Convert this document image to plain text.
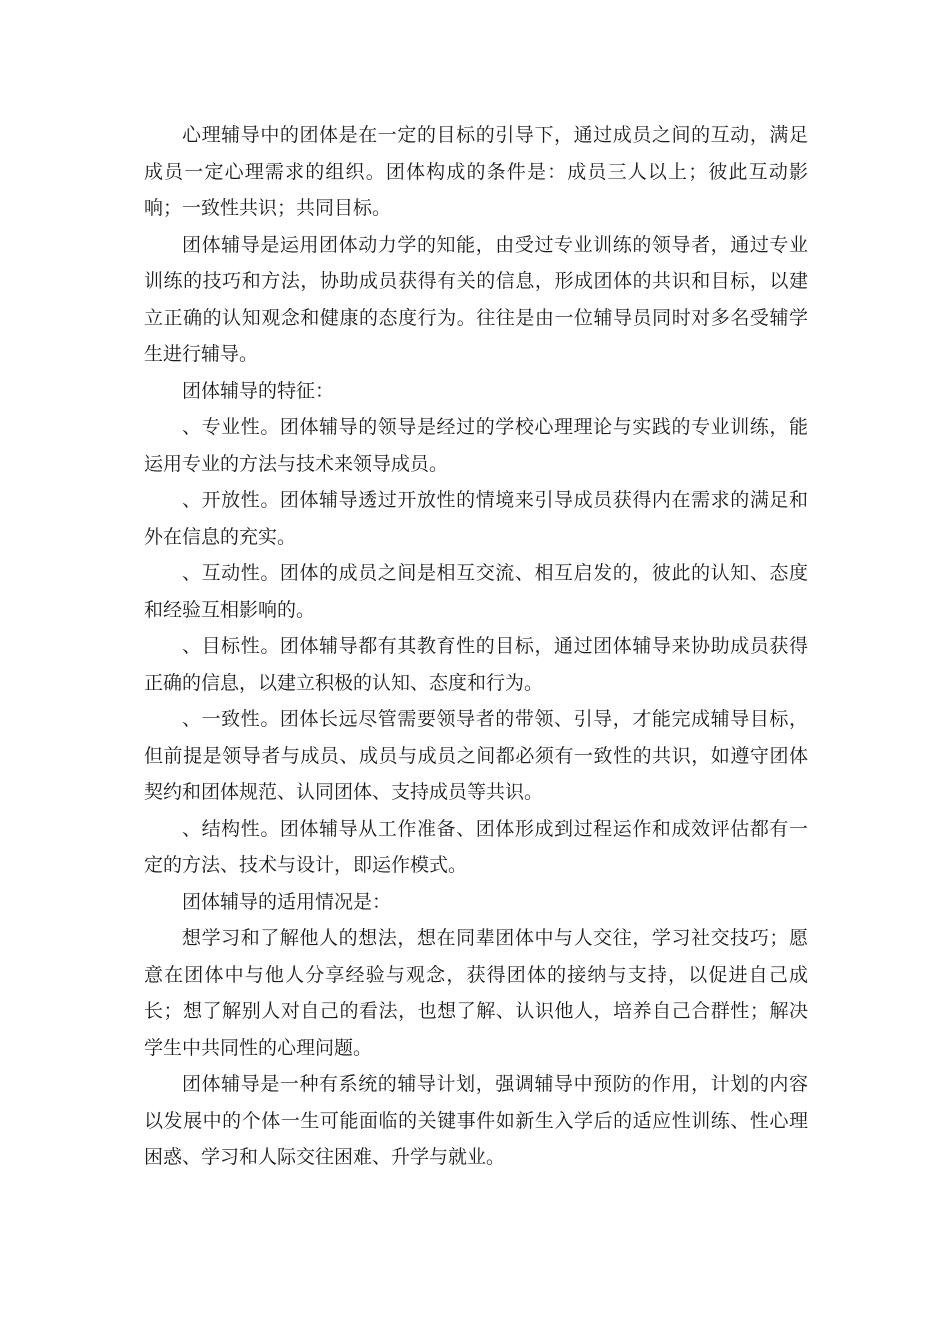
心理辅导中的团体是在一定的目标的引导下，通过成员之间的互动，满足成员一定心理需求的组织。团体构成的条件是：成员三人以上；彼此互动影响；一致性共识；共同目标。

团体辅导是运用团体动力学的知能，由受过专业训练的领导者，通过专业训练的技巧和方法，协助成员获得有关的信息，形成团体的共识和目标，以建立正确的认知观念和健康的态度行为。往往是由一位辅导员同时对多名受辅学生进行辅导。

团体辅导的特征：

、专业性。团体辅导的领导是经过的学校心理理论与实践的专业训练，能运用专业的方法与技术来领导成员。

、开放性。团体辅导透过开放性的情境来引导成员获得内在需求的满足和外在信息的充实。

、互动性。团体的成员之间是相互交流、相互启发的，彼此的认知、态度和经验互相影响的。

、目标性。团体辅导都有其教育性的目标，通过团体辅导来协助成员获得正确的信息，以建立积极的认知、态度和行为。

、一致性。团体长远尽管需要领导者的带领、引导，才能完成辅导目标，但前提是领导者与成员、成员与成员之间都必须有一致性的共识，如遵守团体契约和团体规范、认同团体、支持成员等共识。

、结构性。团体辅导从工作准备、团体形成到过程运作和成效评估都有一定的方法、技术与设计，即运作模式。

团体辅导的适用情况是：

想学习和了解他人的想法，想在同辈团体中与人交往，学习社交技巧；愿意在团体中与他人分享经验与观念，获得团体的接纳与支持，以促进自己成长；想了解别人对自己的看法，也想了解、认识他人，培养自己合群性；解决学生中共同性的心理问题。

团体辅导是一种有系统的辅导计划，强调辅导中预防的作用，计划的内容以发展中的个体一生可能面临的关键事件如新生入学后的适应性训练、性心理困惑、学习和人际交往困难、升学与就业。
